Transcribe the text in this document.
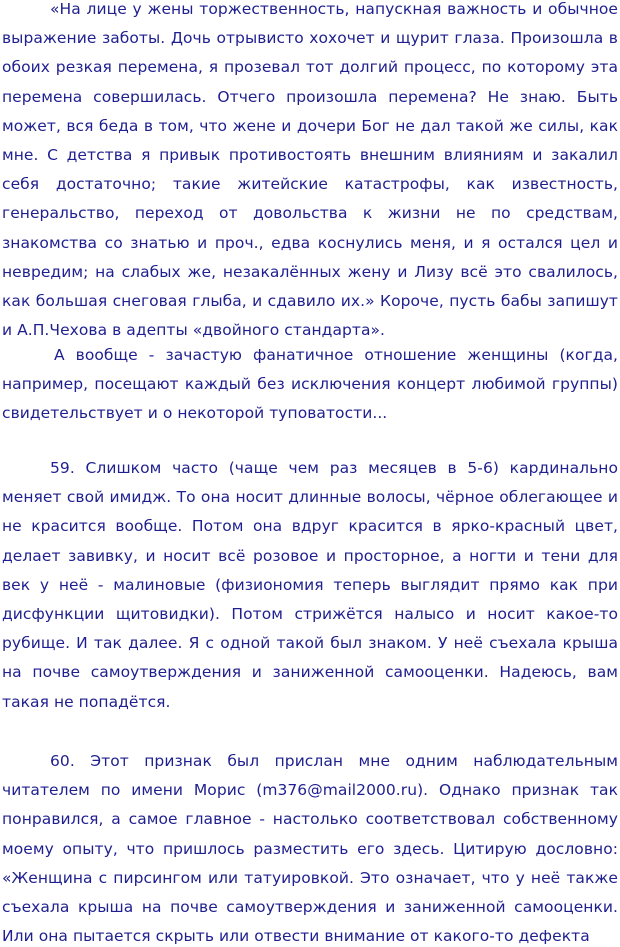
«На лице у жены торжественность, напускная важность и обычное выражение заботы. Дочь отрывисто хохочет и щурит глаза. Произошла в обоих резкая перемена, я прозевал тот долгий процесс, по которому эта перемена совершилась. Отчего произошла перемена? Не знаю. Быть может, вся беда в том, что жене и дочери Бог не дал такой же силы, как мне. С детства я привык противостоять внешним влияниям и закалил себя достаточно; такие житейские катастрофы, как известность, генеральство, переход от довольства к жизни не по средствам, знакомства со знатью и проч., едва коснулись меня, и я остался цел и невредим; на слабых же, незакалённых жену и Лизу всё это свалилось, как большая снеговая глыба, и сдавило их.» Короче, пусть бабы запишут и А.П.Чехова в адепты «двойного стандарта».

А вообще - зачастую фанатичное отношение женщины (когда, например, посещают каждый без исключения концерт любимой группы) свидетельствует и о некоторой туповатости...

59. Слишком часто (чаще чем раз месяцев в 5-6) кардинально меняет свой имидж. То она носит длинные волосы, чёрное облегающее и не красится вообще. Потом она вдруг красится в ярко-красный цвет, делает завивку, и носит всё розовое и просторное, а ногти и тени для век у неё - малиновые (физиономия теперь выглядит прямо как при дисфункции щитовидки). Потом стрижётся налысо и носит какое-то рубище. И так далее. Я с одной такой был знаком. У неё съехала крыша на почве самоутверждения и заниженной самооценки. Надеюсь, вам такая не попадётся.

60. Этот признак был прислан мне одним наблюдательным читателем по имени Морис (m376@mail2000.ru). Однако признак так понравился, а самое главное - настолько соответствовал собственному моему опыту, что пришлось разместить его здесь. Цитирую дословно: «Женщина с пирсингом или татуировкой. Это означает, что у неё также съехала крыша на почве самоутверждения и заниженной самооценки. Или она пытается скрыть или отвести внимание от какого-то дефекта
